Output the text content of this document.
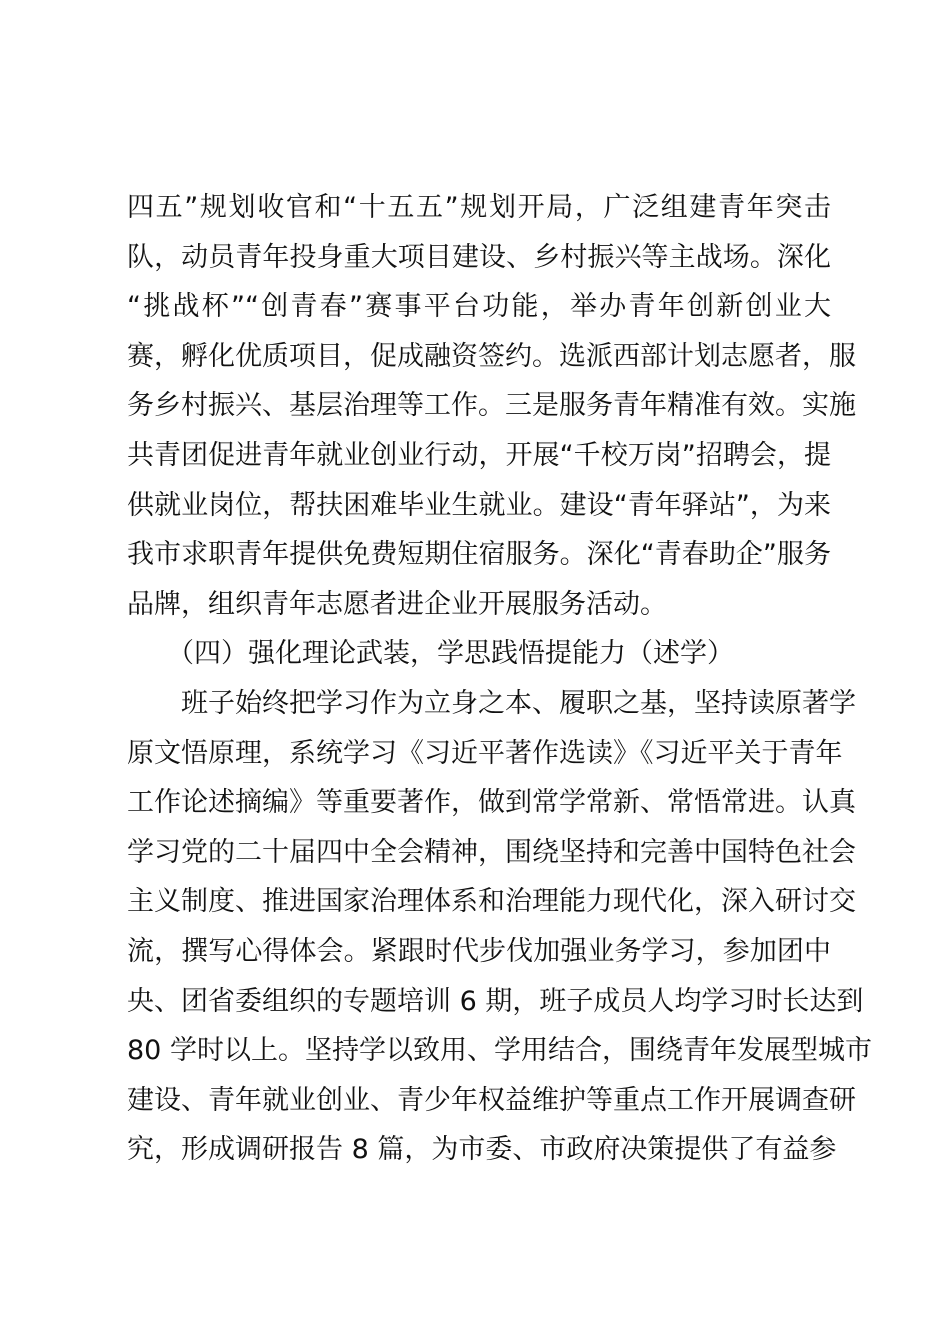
四五”规划收官和“十五五”规划开局，广泛组建青年突击
队，动员青年投身重大项目建设、乡村振兴等主战场。深化
“挑战杯”“创青春”赛事平台功能，举办青年创新创业大
赛，孵化优质项目，促成融资签约。选派西部计划志愿者，服
务乡村振兴、基层治理等工作。三是服务青年精准有效。实施
共青团促进青年就业创业行动，开展“千校万岗”招聘会，提
供就业岗位，帮扶困难毕业生就业。建设“青年驿站”，为来
我市求职青年提供免费短期住宿服务。深化“青春助企”服务
品牌，组织青年志愿者进企业开展服务活动。
（四）强化理论武装，学思践悟提能力（述学）
班子始终把学习作为立身之本、履职之基，坚持读原著学
原文悟原理，系统学习《习近平著作选读》《习近平关于青年
工作论述摘编》等重要著作，做到常学常新、常悟常进。认真
学习党的二十届四中全会精神，围绕坚持和完善中国特色社会
主义制度、推进国家治理体系和治理能力现代化，深入研讨交
流，撰写心得体会。紧跟时代步伐加强业务学习，参加团中
央、团省委组织的专题培训 6 期，班子成员人均学习时长达到
80 学时以上。坚持学以致用、学用结合，围绕青年发展型城市
建设、青年就业创业、青少年权益维护等重点工作开展调查研
究，形成调研报告 8 篇，为市委、市政府决策提供了有益参
